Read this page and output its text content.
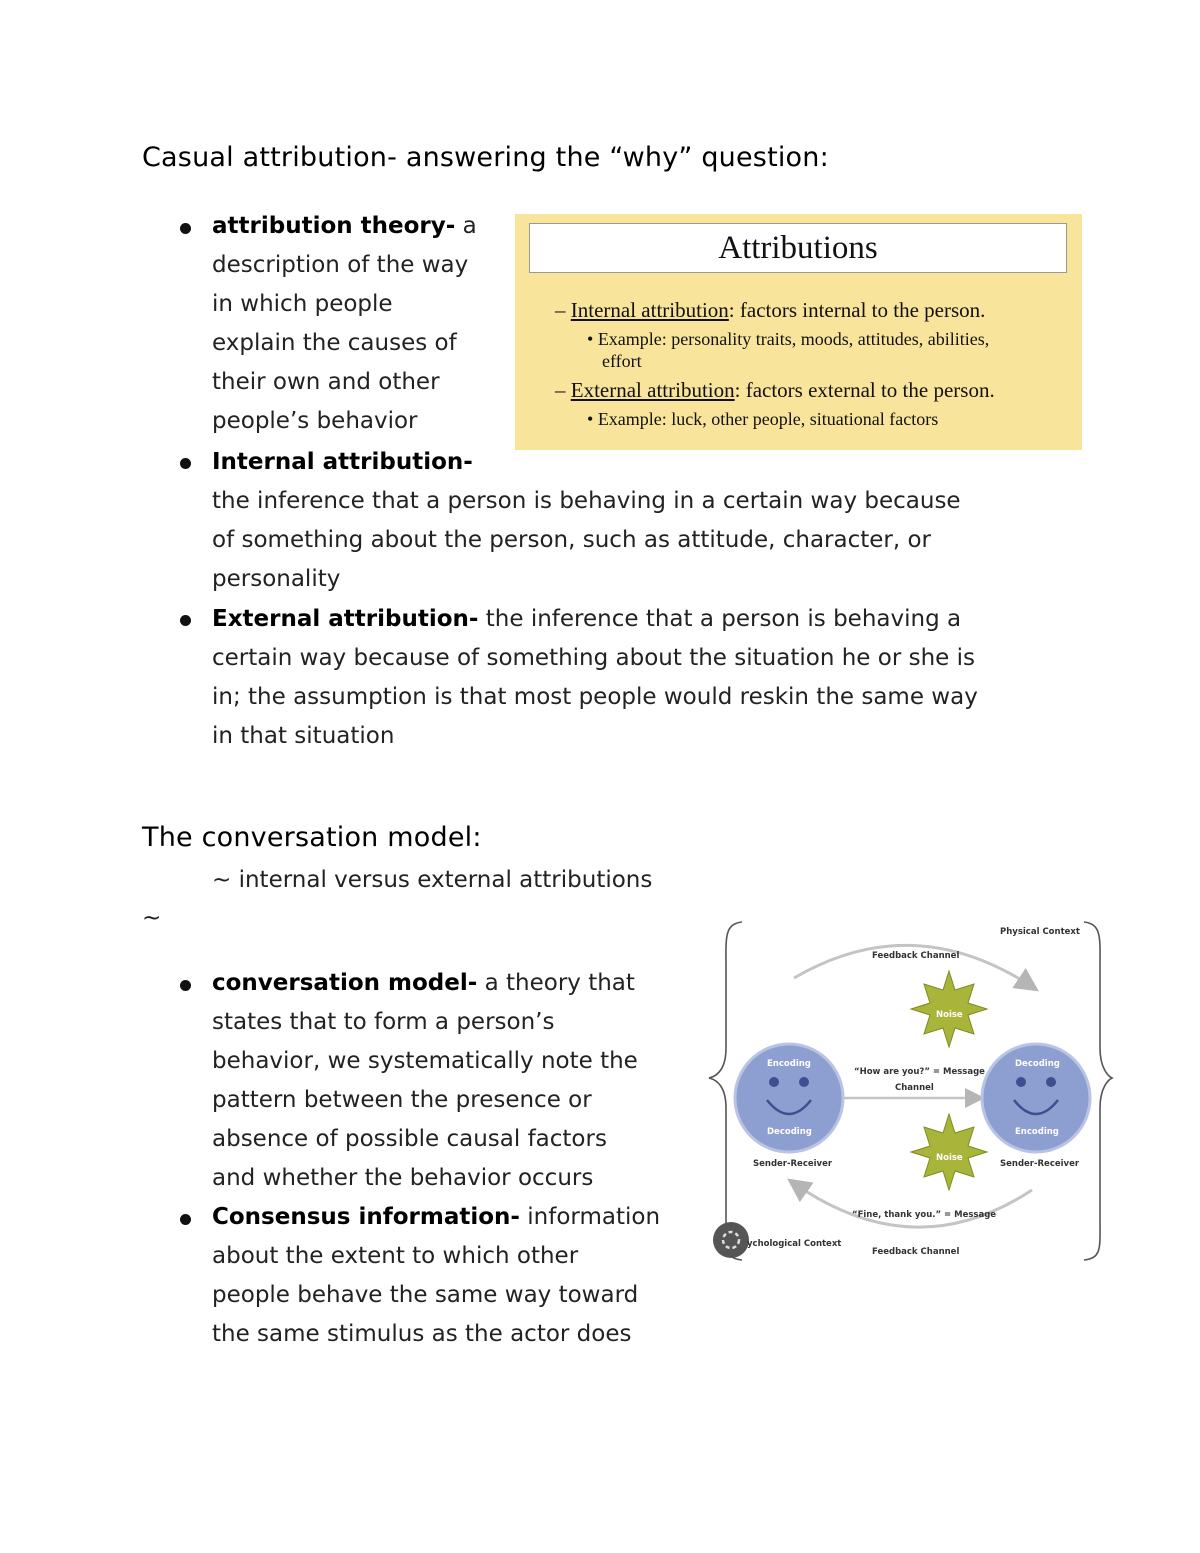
Casual attribution- answering the “why” question:
attribution theory- a
description of the way
in which people
explain the causes of
their own and other
people’s behavior
Attributions
– Internal attribution: factors internal to the person.
• Example: personality traits, moods, attitudes, abilities,
effort
– External attribution: factors external to the person.
• Example: luck, other people, situational factors
Internal attribution-
the inference that a person is behaving in a certain way because
of something about the person, such as attitude, character, or
personality
External attribution- the inference that a person is behaving a
certain way because of something about the situation he or she is
in; the assumption is that most people would reskin the same way
in that situation
The conversation model:
~ internal versus external attributions
~
conversation model- a theory that
states that to form a person’s
behavior, we systematically note the
pattern between the presence or
absence of possible causal factors
and whether the behavior occurs
Consensus information- information
about the extent to which other
people behave the same way toward
the same stimulus as the actor does
Physical Context
Feedback Channel
Noise
Encoding
Decoding
Decoding
Encoding
“How are you?” = Message
Channel
Noise
Sender-Receiver	Sender-Receiver
“Fine, thank you.” = Message
ychological Context
Feedback Channel
